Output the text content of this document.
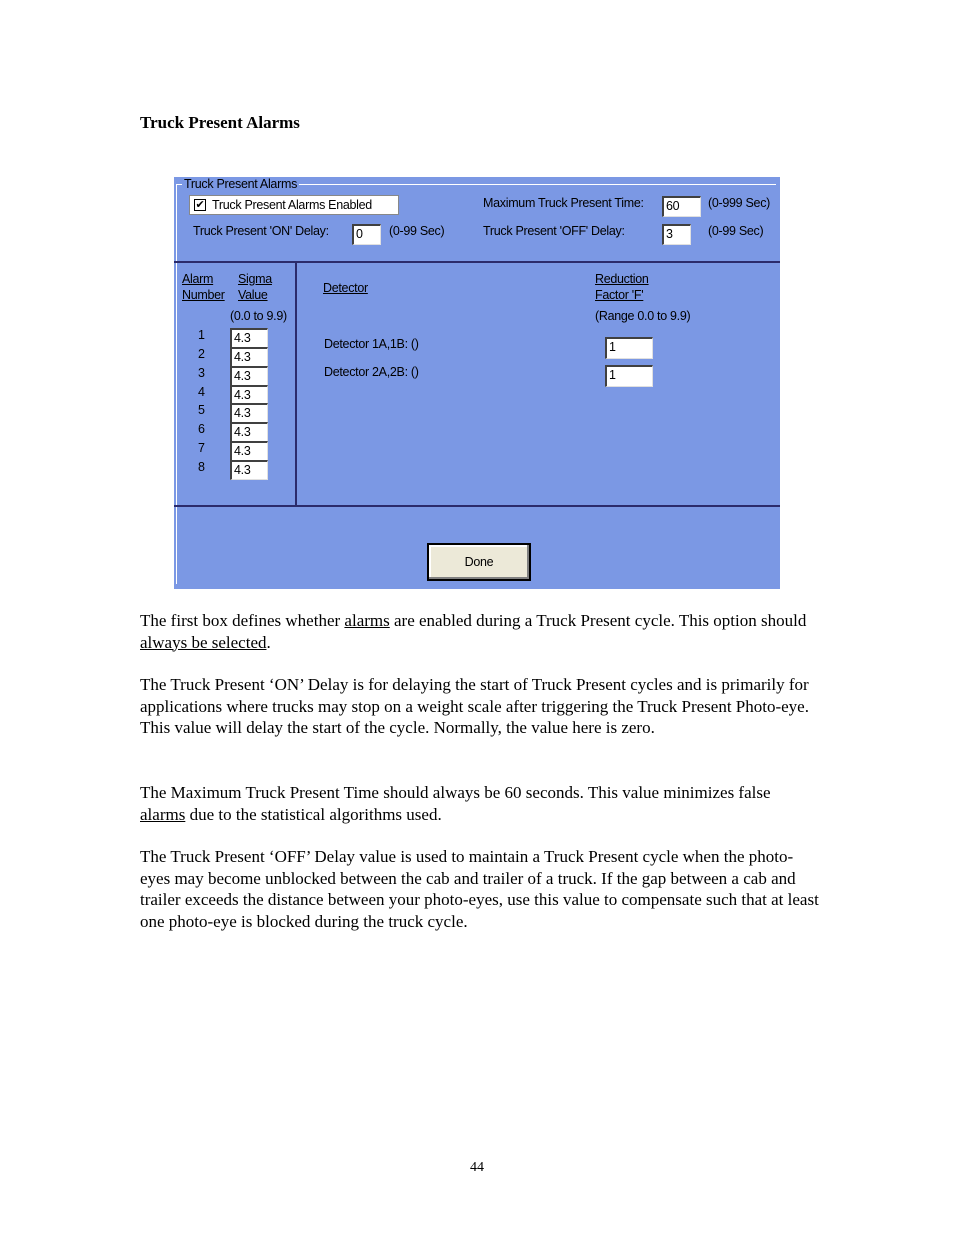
Truck Present Alarms
Truck Present Alarms
✔ Truck Present Alarms Enabled
Truck Present 'ON' Delay:	0	(0-99 Sec)
Maximum Truck Present Time:	60	(0-999 Sec)
Truck Present 'OFF' Delay:	3	(0-99 Sec)
Alarm
Number
Sigma
Value
(0.0 to 9.9)
1	4.3
2	4.3
3	4.3
4	4.3
5	4.3
6	4.3
7	4.3
8	4.3
Detector
Reduction
Factor 'F'
(Range 0.0 to 9.9)
Detector 1A,1B: ()	1
Detector 2A,2B: ()	1
Done
The first box defines whether alarms are enabled during a Truck Present cycle. This option should always be selected.
The Truck Present ‘ON’ Delay is for delaying the start of Truck Present cycles and is primarily for applications where trucks may stop on a weight scale after triggering the Truck Present Photo-eye. This value will delay the start of the cycle. Normally, the value here is zero.
The Maximum Truck Present Time should always be 60 seconds. This value minimizes false alarms due to the statistical algorithms used.
The Truck Present ‘OFF’ Delay value is used to maintain a Truck Present cycle when the photo-eyes may become unblocked between the cab and trailer of a truck. If the gap between a cab and trailer exceeds the distance between your photo-eyes, use this value to compensate such that at least one photo-eye is blocked during the truck cycle.
44
